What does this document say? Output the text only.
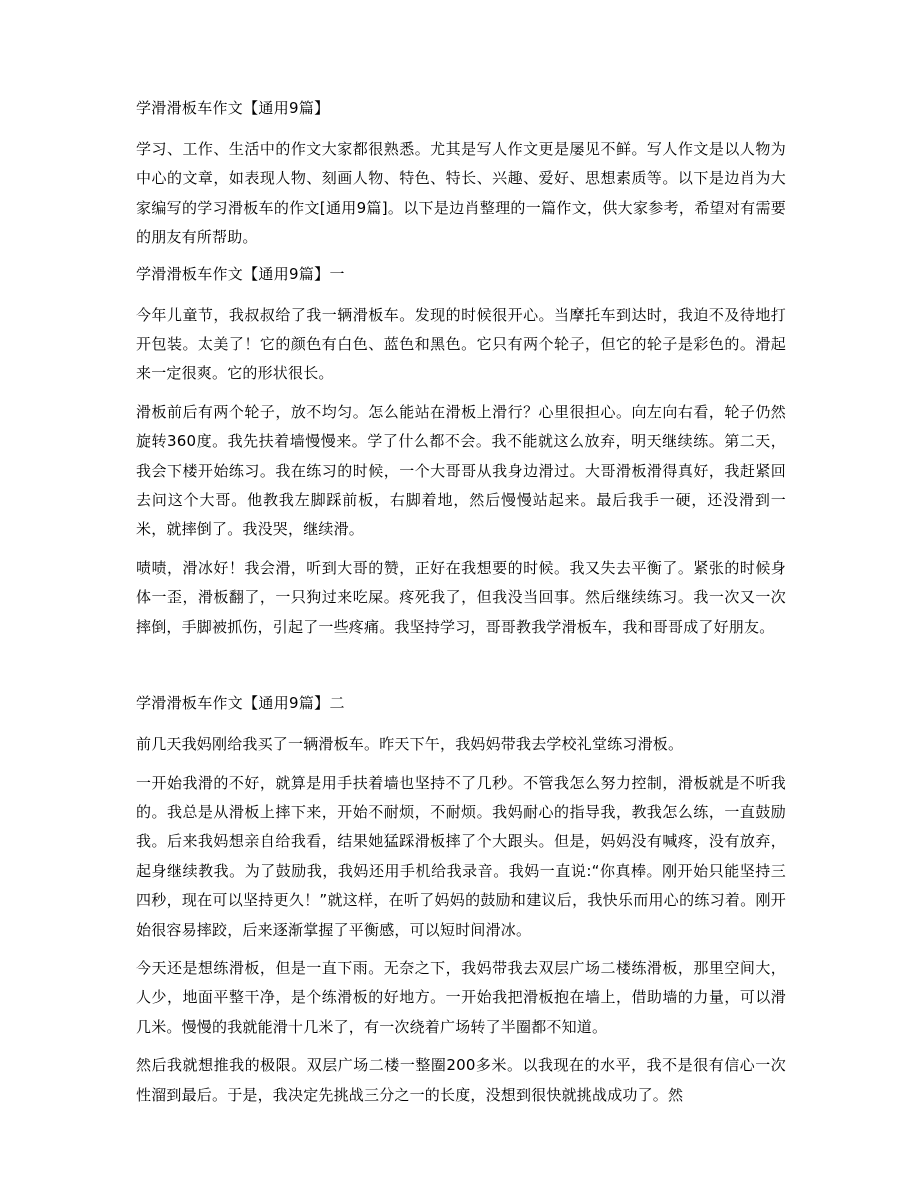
学滑滑板车作文【通用9篇】
学习、工作、生活中的作文大家都很熟悉。尤其是写人作文更是屡见不鲜。写人作文是以人物为中心的文章，如表现人物、刻画人物、特色、特长、兴趣、爱好、思想素质等。以下是边肖为大家编写的学习滑板车的作文[通用9篇]。以下是边肖整理的一篇作文，供大家参考，希望对有需要的朋友有所帮助。
学滑滑板车作文【通用9篇】一
今年儿童节，我叔叔给了我一辆滑板车。发现的时候很开心。当摩托车到达时，我迫不及待地打开包装。太美了！它的颜色有白色、蓝色和黑色。它只有两个轮子，但它的轮子是彩色的。滑起来一定很爽。它的形状很长。
滑板前后有两个轮子，放不均匀。怎么能站在滑板上滑行？心里很担心。向左向右看，轮子仍然旋转360度。我先扶着墙慢慢来。学了什么都不会。我不能就这么放弃，明天继续练。第二天，我会下楼开始练习。我在练习的时候，一个大哥哥从我身边滑过。大哥滑板滑得真好，我赶紧回去问这个大哥。他教我左脚踩前板，右脚着地，然后慢慢站起来。最后我手一硬，还没滑到一米，就摔倒了。我没哭，继续滑。
啧啧，滑冰好！我会滑，听到大哥的赞，正好在我想要的时候。我又失去平衡了。紧张的时候身体一歪，滑板翻了，一只狗过来吃屎。疼死我了，但我没当回事。然后继续练习。我一次又一次摔倒，手脚被抓伤，引起了一些疼痛。我坚持学习，哥哥教我学滑板车，我和哥哥成了好朋友。
学滑滑板车作文【通用9篇】二
前几天我妈刚给我买了一辆滑板车。昨天下午，我妈妈带我去学校礼堂练习滑板。
一开始我滑的不好，就算是用手扶着墙也坚持不了几秒。不管我怎么努力控制，滑板就是不听我的。我总是从滑板上摔下来，开始不耐烦，不耐烦。我妈耐心的指导我，教我怎么练，一直鼓励我。后来我妈想亲自给我看，结果她猛踩滑板摔了个大跟头。但是，妈妈没有喊疼，没有放弃，起身继续教我。为了鼓励我，我妈还用手机给我录音。我妈一直说:“你真棒。刚开始只能坚持三四秒，现在可以坚持更久！”就这样，在听了妈妈的鼓励和建议后，我快乐而用心的练习着。刚开始很容易摔跤，后来逐渐掌握了平衡感，可以短时间滑冰。
今天还是想练滑板，但是一直下雨。无奈之下，我妈带我去双层广场二楼练滑板，那里空间大，人少，地面平整干净，是个练滑板的好地方。一开始我把滑板抱在墙上，借助墙的力量，可以滑几米。慢慢的我就能滑十几米了，有一次绕着广场转了半圈都不知道。
然后我就想推我的极限。双层广场二楼一整圈200多米。以我现在的水平，我不是很有信心一次性溜到最后。于是，我决定先挑战三分之一的长度，没想到很快就挑战成功了。然
